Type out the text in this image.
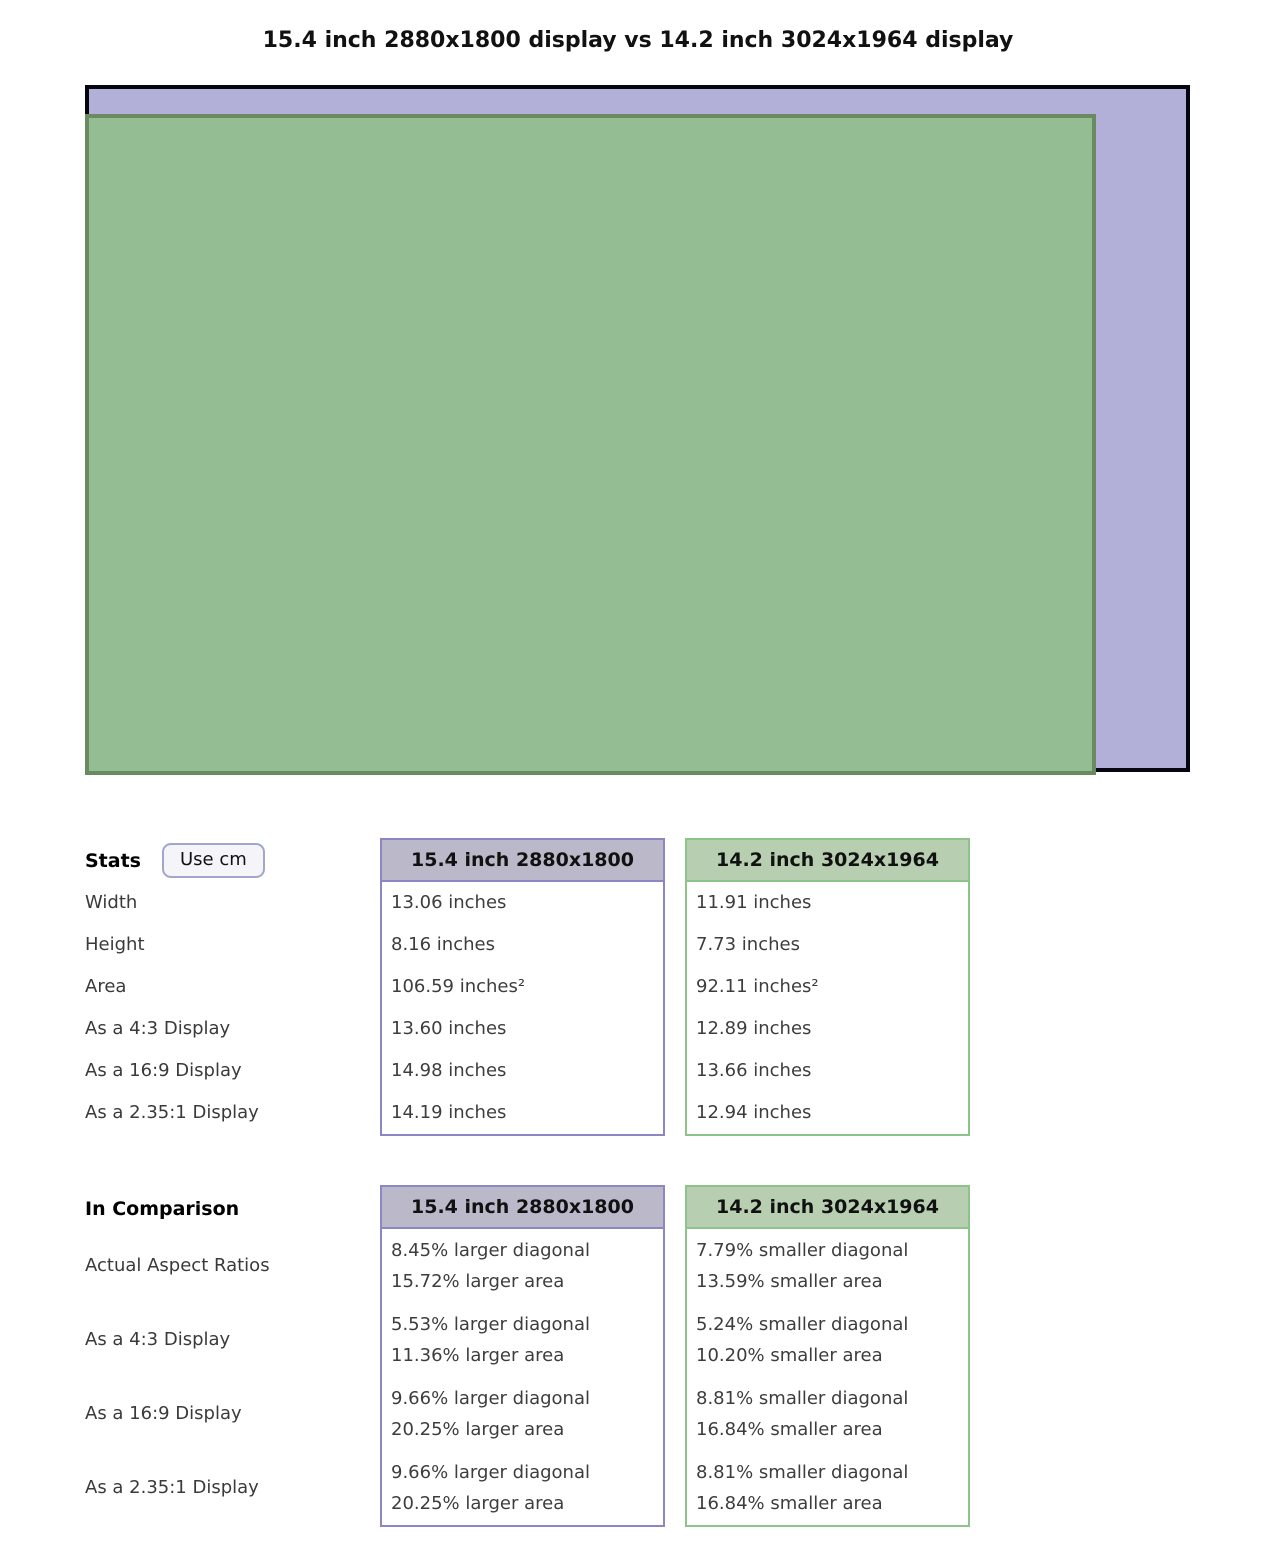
15.4 inch 2880x1800 display vs 14.2 inch 3024x1964 display
Stats	Use cm
Width
Height
Area
As a 4:3 Display
As a 16:9 Display
As a 2.35:1 Display
15.4 inch 2880x1800
13.06 inches
8.16 inches
106.59 inches²
13.60 inches
14.98 inches
14.19 inches
14.2 inch 3024x1964
11.91 inches
7.73 inches
92.11 inches²
12.89 inches
13.66 inches
12.94 inches
In Comparison
Actual Aspect Ratios
As a 4:3 Display
As a 16:9 Display
As a 2.35:1 Display
15.4 inch 2880x1800
8.45% larger diagonal
15.72% larger area
5.53% larger diagonal
11.36% larger area
9.66% larger diagonal
20.25% larger area
9.66% larger diagonal
20.25% larger area
14.2 inch 3024x1964
7.79% smaller diagonal
13.59% smaller area
5.24% smaller diagonal
10.20% smaller area
8.81% smaller diagonal
16.84% smaller area
8.81% smaller diagonal
16.84% smaller area
